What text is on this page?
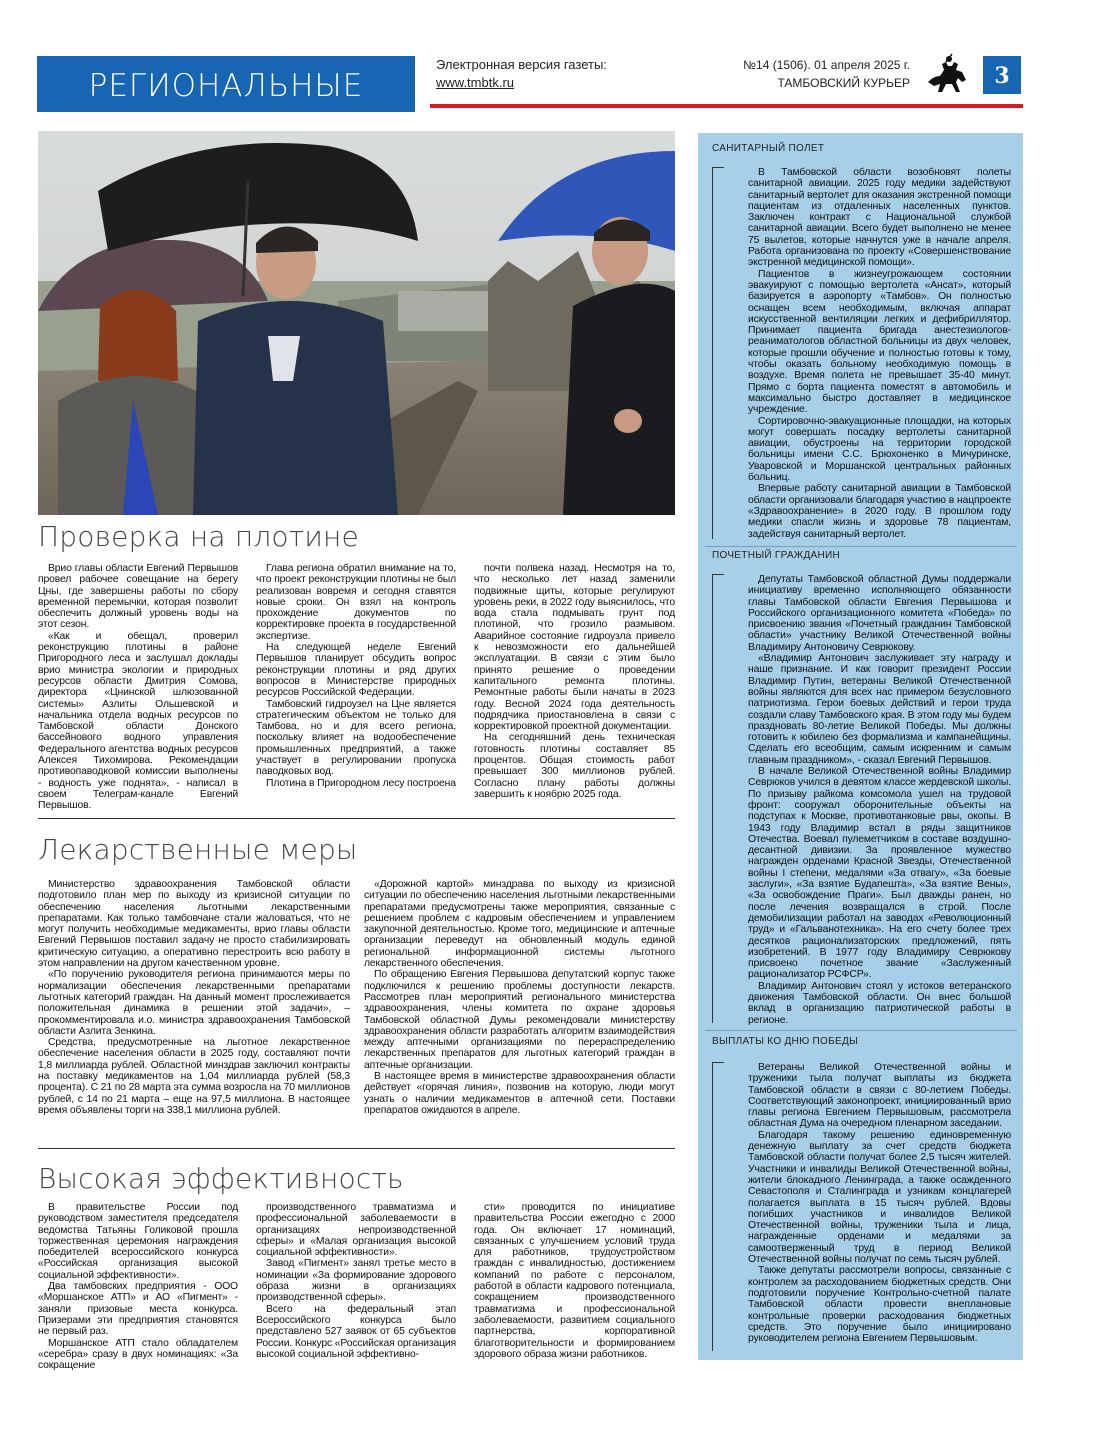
РЕГИОНАЛЬНЫЕ
Электронная версия газеты:
www.tmbtk.ru
№14 (1506). 01 апреля 2025 г.
ТАМБОВСКИЙ КУРЬЕР	3
Проверка на плотине

Врио главы области Евгений Первышов провел рабочее совещание на берегу Цны, где завершены работы по сбору временной перемычки, которая позволит обеспечить должный уровень воды на этот сезон.

«Как и обещал, проверил реконструкцию плотины в районе Пригородного леса и заслушал доклады врио министра экологии и природных ресурсов области Дмитрия Сомова, директора «Цнинской шлюзованной системы» Азлиты Ольшевской и начальника отдела водных ресурсов по Тамбовской области Донского бассейнового водного управления Федерального агентства водных ресурсов Алексея Тихомирова. Рекомендации противопаводковой комиссии выполнены - водность уже поднята», - написал в своем Телеграм-канале Евгений Первышов.

Глава региона обратил внимание на то, что проект реконструкции плотины не был реализован вовремя и сегодня ставятся новые сроки. Он взял на контроль прохождение документов по корректировке проекта в государственной экспертизе.

На следующей неделе Евгений Первышов планирует обсудить вопрос реконструкции плотины и ряд других вопросов в Министерстве природных ресурсов Российской Федерации.

Тамбовский гидроузел на Цне является стратегическим объектом не только для Тамбова, но и для всего региона, поскольку влияет на водообеспечение промышленных предприятий, а также участвует в регулировании пропуска паводковых вод.

Плотина в Пригородном лесу построена

почти полвека назад. Несмотря на то, что несколько лет назад заменили подвижные щиты, которые регулируют уровень реки, в 2022 году выяснилось, что вода стала подмывать грунт под плотиной, что грозило размывом. Аварийное состояние гидроузла привело к невозможности его дальнейшей эксплуатации. В связи с этим было принято решение о проведении капитального ремонта плотины. Ремонтные работы были начаты в 2023 году. Весной 2024 года деятельность подрядчика приостановлена в связи с корректировкой проектной документации.

На сегодняшний день техническая готовность плотины составляет 85 процентов. Общая стоимость работ превышает 300 миллионов рублей. Согласно плану работы должны завершить к ноябрю 2025 года.

Лекарственные меры

Министерство здравоохранения Тамбовской области подготовило план мер по выходу из кризисной ситуации по обеспечению населения льготными лекарственными препаратами. Как только тамбовчане стали жаловаться, что не могут получить необходимые медикаменты, врио главы области Евгений Первышов поставил задачу не просто стабилизировать критическую ситуацию, а оперативно перестроить всю работу в этом направлении на другом качественном уровне.

«По поручению руководителя региона принимаются меры по нормализации обеспечения лекарственными препаратами льготных категорий граждан. На данный момент прослеживается положительная динамика в решении этой задачи», – прокомментировала и.о. министра здравоохранения Тамбовской области Азлита Зенкина.

Средства, предусмотренные на льготное лекарственное обеспечение населения области в 2025 году, составляют почти 1,8 миллиарда рублей. Областной минздрав заключил контракты на поставку медикаментов на 1,04 миллиарда рублей (58,3 процента). С 21 по 28 марта эта сумма возросла на 70 миллионов рублей, с 14 по 21 марта – еще на 97,5 миллиона. В настоящее время объявлены торги на 338,1 миллиона рублей.

«Дорожной картой» минздрава по выходу из кризисной ситуации по обеспечению населения льготными лекарственными препаратами предусмотрены также мероприятия, связанные с решением проблем с кадровым обеспечением и управлением закупочной деятельностью. Кроме того, медицинские и аптечные организации переведут на обновленный модуль единой региональной информационной системы льготного лекарственного обеспечения.

По обращению Евгения Первышова депутатский корпус также подключился к решению проблемы доступности лекарств. Рассмотрев план мероприятий регионального министерства здравоохранения, члены комитета по охране здоровья Тамбовской областной Думы рекомендовали министерству здравоохранения области разработать алгоритм взаимодействия между аптечными организациями по перераспределению лекарственных препаратов для льготных категорий граждан в аптечные организации.

В настоящее время в министерстве здравоохранения области действует «горячая линия», позвонив на которую, люди могут узнать о наличии медикаментов в аптечной сети. Поставки препаратов ожидаются в апреле.

Высокая эффективность

В правительстве России под руководством заместителя председателя ведомства Татьяны Голиковой прошла торжественная церемония награждения победителей всероссийского конкурса «Российская организация высокой социальной эффективности».

Два тамбовских предприятия - ООО «Моршанское АТП» и АО «Пигмент» - заняли призовые места конкурса. Призерами эти предприятия становятся не первый раз.

Моршанское АТП стало обладателем «серебра» сразу в двух номинациях: «За сокращение

производственного травматизма и профессиональной заболеваемости в организациях непроизводственной сферы» и «Малая организация высокой социальной эффективности».

Завод «Пигмент» занял третье место в номинации «За формирование здорового образа жизни в организациях производственной сферы».

Всего на федеральный этап Всероссийского конкурса было представлено 527 заявок от 65 субъектов России. Конкурс «Российская организация высокой социальной эффективно-

сти» проводится по инициативе правительства России ежегодно с 2000 года. Он включает 17 номинаций, связанных с улучшением условий труда для работников, трудоустройством граждан с инвалидностью, достижением компаний по работе с персоналом, работой в области кадрового потенциала, сокращением производственного травматизма и профессиональной заболеваемости, развитием социального партнерства, корпоративной благотворительности и формированием здорового образа жизни работников.

САНИТАРНЫЙ ПОЛЕТ

В Тамбовской области возобновят полеты санитарной авиации. 2025 году медики задействуют санитарный вертолет для оказания экстренной помощи пациентам из отдаленных населенных пунктов. Заключен контракт с Национальной службой санитарной авиации. Всего будет выполнено не менее 75 вылетов, которые начнутся уже в начале апреля. Работа организована по проекту «Совершенствование экстренной медицинской помощи».

Пациентов в жизнеугрожающем состоянии эвакуируют с помощью вертолета «Ансат», который базируется в аэропорту «Тамбов». Он полностью оснащен всем необходимым, включая аппарат искусственной вентиляции легких и дефибриллятор. Принимает пациента бригада анестезиологов-реаниматологов областной больницы из двух человек, которые прошли обучение и полностью готовы к тому, чтобы оказать больному необходимую помощь в воздухе. Время полета не превышает 35-40 минут. Прямо с борта пациента поместят в автомобиль и максимально быстро доставляет в медицинское учреждение.

Сортировочно-эвакуационные площадки, на которых могут совершать посадку вертолеты санитарной авиации, обустроены на территории городской больницы имени С.С. Брюхоненко в Мичуринске, Уваровской и Моршанской центральных районных больниц.

Впервые работу санитарной авиации в Тамбовской области организовали благодаря участию в нацпроекте «Здравоохранение» в 2020 году. В прошлом году медики спасли жизнь и здоровье 78 пациентам, задействуя санитарный вертолет.

ПОЧЕТНЫЙ ГРАЖДАНИН

Депутаты Тамбовской областной Думы поддержали инициативу временно исполняющего обязанности главы Тамбовской области Евгения Первышова и Российского организационного комитета «Победа» по присвоению звания «Почетный гражданин Тамбовской области» участнику Великой Отечественной войны Владимиру Антоновичу Севрюкову.

«Владимир Антонович заслуживает эту награду и наше признание. И как говорит президент России Владимир Путин, ветераны Великой Отечественной войны являются для всех нас примером безусловного патриотизма. Герои боевых действий и герои труда создали славу Тамбовского края. В этом году мы будем праздновать 80-летие Великой Победы. Мы должны готовить к юбилею без формализма и кампанейщины. Сделать его всеобщим, самым искренним и самым главным праздником», - сказал Евгений Первышов.

В начале Великой Отечественной войны Владимир Севрюков учился в девятом классе жердевской школы. По призыву райкома комсомола ушел на трудовой фронт: сооружал оборонительные объекты на подступах к Москве, противотанковые рвы, окопы. В 1943 году Владимир встал в ряды защитников Отечества. Воевал пулеметчиком в составе воздушно-десантной дивизии. За проявленное мужество награжден орденами Красной Звезды, Отечественной войны I степени, медалями «За отвагу», «За боевые заслуги», «За взятие Будапешта», «За взятие Вены», «За освобождение Праги». Был дважды ранен, но после лечения возвращался в строй. После демобилизации работал на заводах «Революционный труд» и «Гальванотехника». На его счету более трех десятков рационализаторских предложений, пять изобретений. В 1977 году Владимиру Севрюкову присвоено почетное звание «Заслуженный рационализатор РСФСР».

Владимир Антонович стоял у истоков ветеранского движения Тамбовской области. Он внес большой вклад в организацию патриотической работы в регионе.

ВЫПЛАТЫ КО ДНЮ ПОБЕДЫ

Ветераны Великой Отечественной войны и труженики тыла получат выплаты из бюджета Тамбовской области в связи с 80-летием Победы. Соответствующий законопроект, инициированный врио главы региона Евгением Первышовым, рассмотрела областная Дума на очередном пленарном заседании.

Благодаря такому решению единовременную денежную выплату за счет средств бюджета Тамбовской области получат более 2,5 тысяч жителей. Участники и инвалиды Великой Отечественной войны, жители блокадного Ленинграда, а также осажденного Севастополя и Сталинграда и узникам концлагерей полагается выплата в 15 тысяч рублей. Вдовы погибших участников и инвалидов Великой Отечественной войны, труженики тыла и лица, награжденные орденами и медалями за самоотверженный труд в период Великой Отечественной войны получат по семь тысяч рублей.

Также депутаты рассмотрели вопросы, связанные с контролем за расходованием бюджетных средств. Они подготовили поручение Контрольно-счетной палате Тамбовской области провести внеплановые контрольные проверки расходования бюджетных средств. Это поручение было инициировано руководителем региона Евгением Первышовым.
